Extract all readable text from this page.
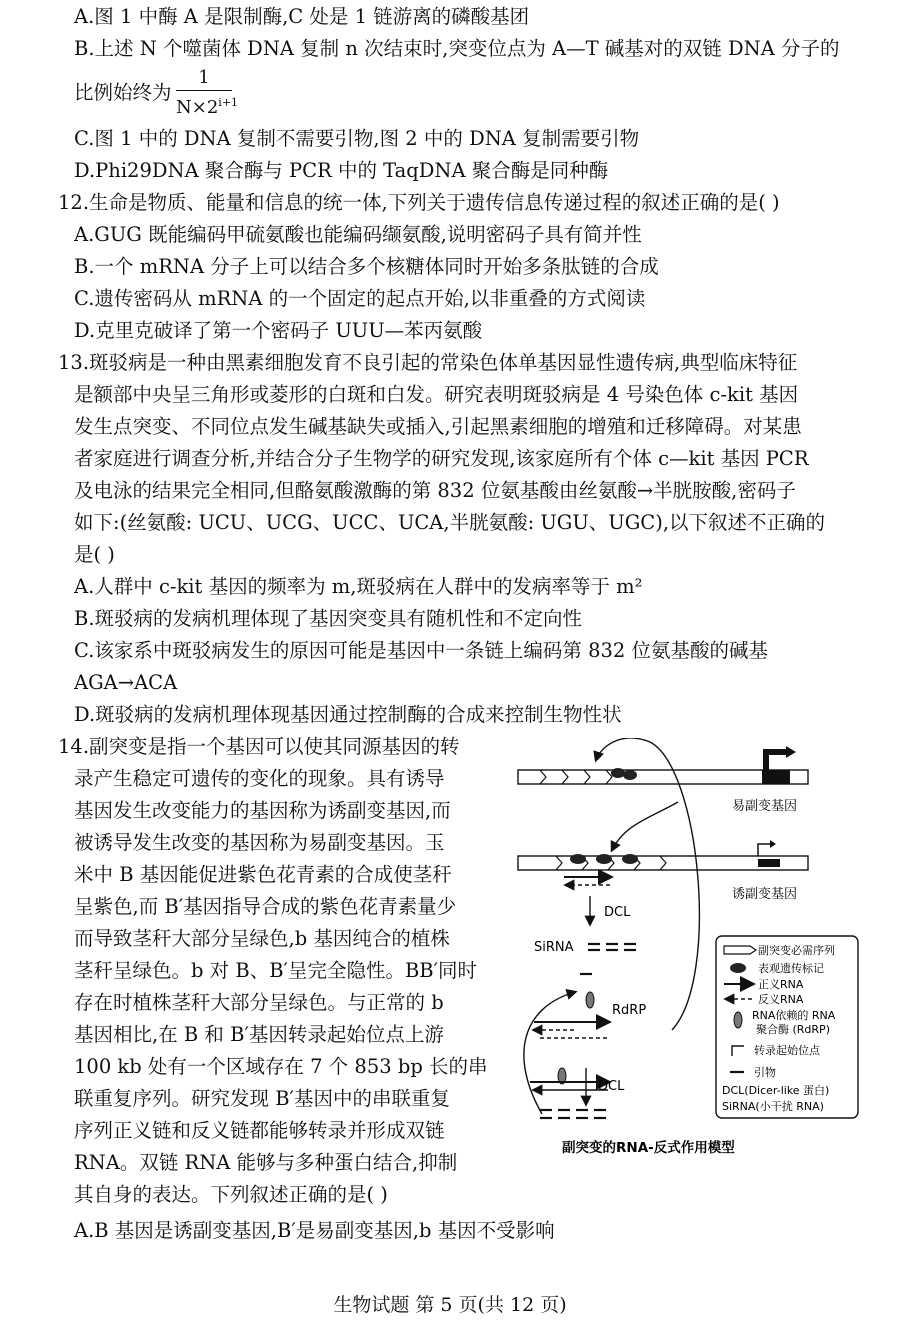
A.图 1 中酶 A 是限制酶,C 处是 1 链游离的磷酸基团
B.上述 N 个噬菌体 DNA 复制 n 次结束时,突变位点为 A—T 碱基对的双链 DNA 分子的
比例始终为
1
$N\times 2^{i+1}$
C.图 1 中的 DNA 复制不需要引物,图 2 中的 DNA 复制需要引物
D.Phi29DNA 聚合酶与 PCR 中的 TaqDNA 聚合酶是同种酶
12.生命是物质、能量和信息的统一体,下列关于遗传信息传递过程的叙述正确的是( )
A.GUG 既能编码甲硫氨酸也能编码缬氨酸,说明密码子具有简并性
B.一个 mRNA 分子上可以结合多个核糖体同时开始多条肽链的合成
C.遗传密码从 mRNA 的一个固定的起点开始,以非重叠的方式阅读
D.克里克破译了第一个密码子 UUU—苯丙氨酸
13.斑驳病是一种由黑素细胞发育不良引起的常染色体单基因显性遗传病,典型临床特征
是额部中央呈三角形或菱形的白斑和白发。研究表明斑驳病是 4 号染色体 c-kit 基因
发生点突变、不同位点发生碱基缺失或插入,引起黑素细胞的增殖和迁移障碍。对某患
者家庭进行调查分析,并结合分子生物学的研究发现,该家庭所有个体 c—kit 基因 PCR
及电泳的结果完全相同,但酪氨酸激酶的第 832 位氨基酸由丝氨酸→半胱胺酸,密码子
如下:(丝氨酸: UCU、UCG、UCC、UCA,半胱氨酸: UGU、UGC),以下叙述不正确的
是( )
A.人群中 c-kit 基因的频率为 m,斑驳病在人群中的发病率等于 m²
B.斑驳病的发病机理体现了基因突变具有随机性和不定向性
C.该家系中斑驳病发生的原因可能是基因中一条链上编码第 832 位氨基酸的碱基
AGA→ACA
D.斑驳病的发病机理体现基因通过控制酶的合成来控制生物性状
14.副突变是指一个基因可以使其同源基因的转
录产生稳定可遗传的变化的现象。具有诱导
基因发生改变能力的基因称为诱副变基因,而
被诱导发生改变的基因称为易副变基因。玉
米中 B 基因能促进紫色花青素的合成使茎秆
呈紫色,而 B′基因指导合成的紫色花青素量少
而导致茎秆大部分呈绿色,b 基因纯合的植株
茎秆呈绿色。b 对 B、B′呈完全隐性。BB′同时
存在时植株茎秆大部分呈绿色。与正常的 b
基因相比,在 B 和 B′基因转录起始位点上游
100 kb 处有一个区域存在 7 个 853 bp 长的串
联重复序列。研究发现 B′基因中的串联重复
序列正义链和反义链都能够转录并形成双链
RNA。双链 RNA 能够与多种蛋白结合,抑制
其自身的表达。下列叙述正确的是( )
A.B 基因是诱副变基因,B′是易副变基因,b 基因不受影响
易副变基因
诱副变基因
DCL
SiRNA
RdRP
DCL
副突变的RNA-反式作用模型
副突变必需序列
表观遗传标记
正义RNA
反义RNA
RNA依赖的 RNA
聚合酶 (RdRP)
转录起始位点
引物
DCL(Dicer-like 蛋白)
SiRNA(小干扰 RNA)
生物试题 第 5 页(共 12 页)
